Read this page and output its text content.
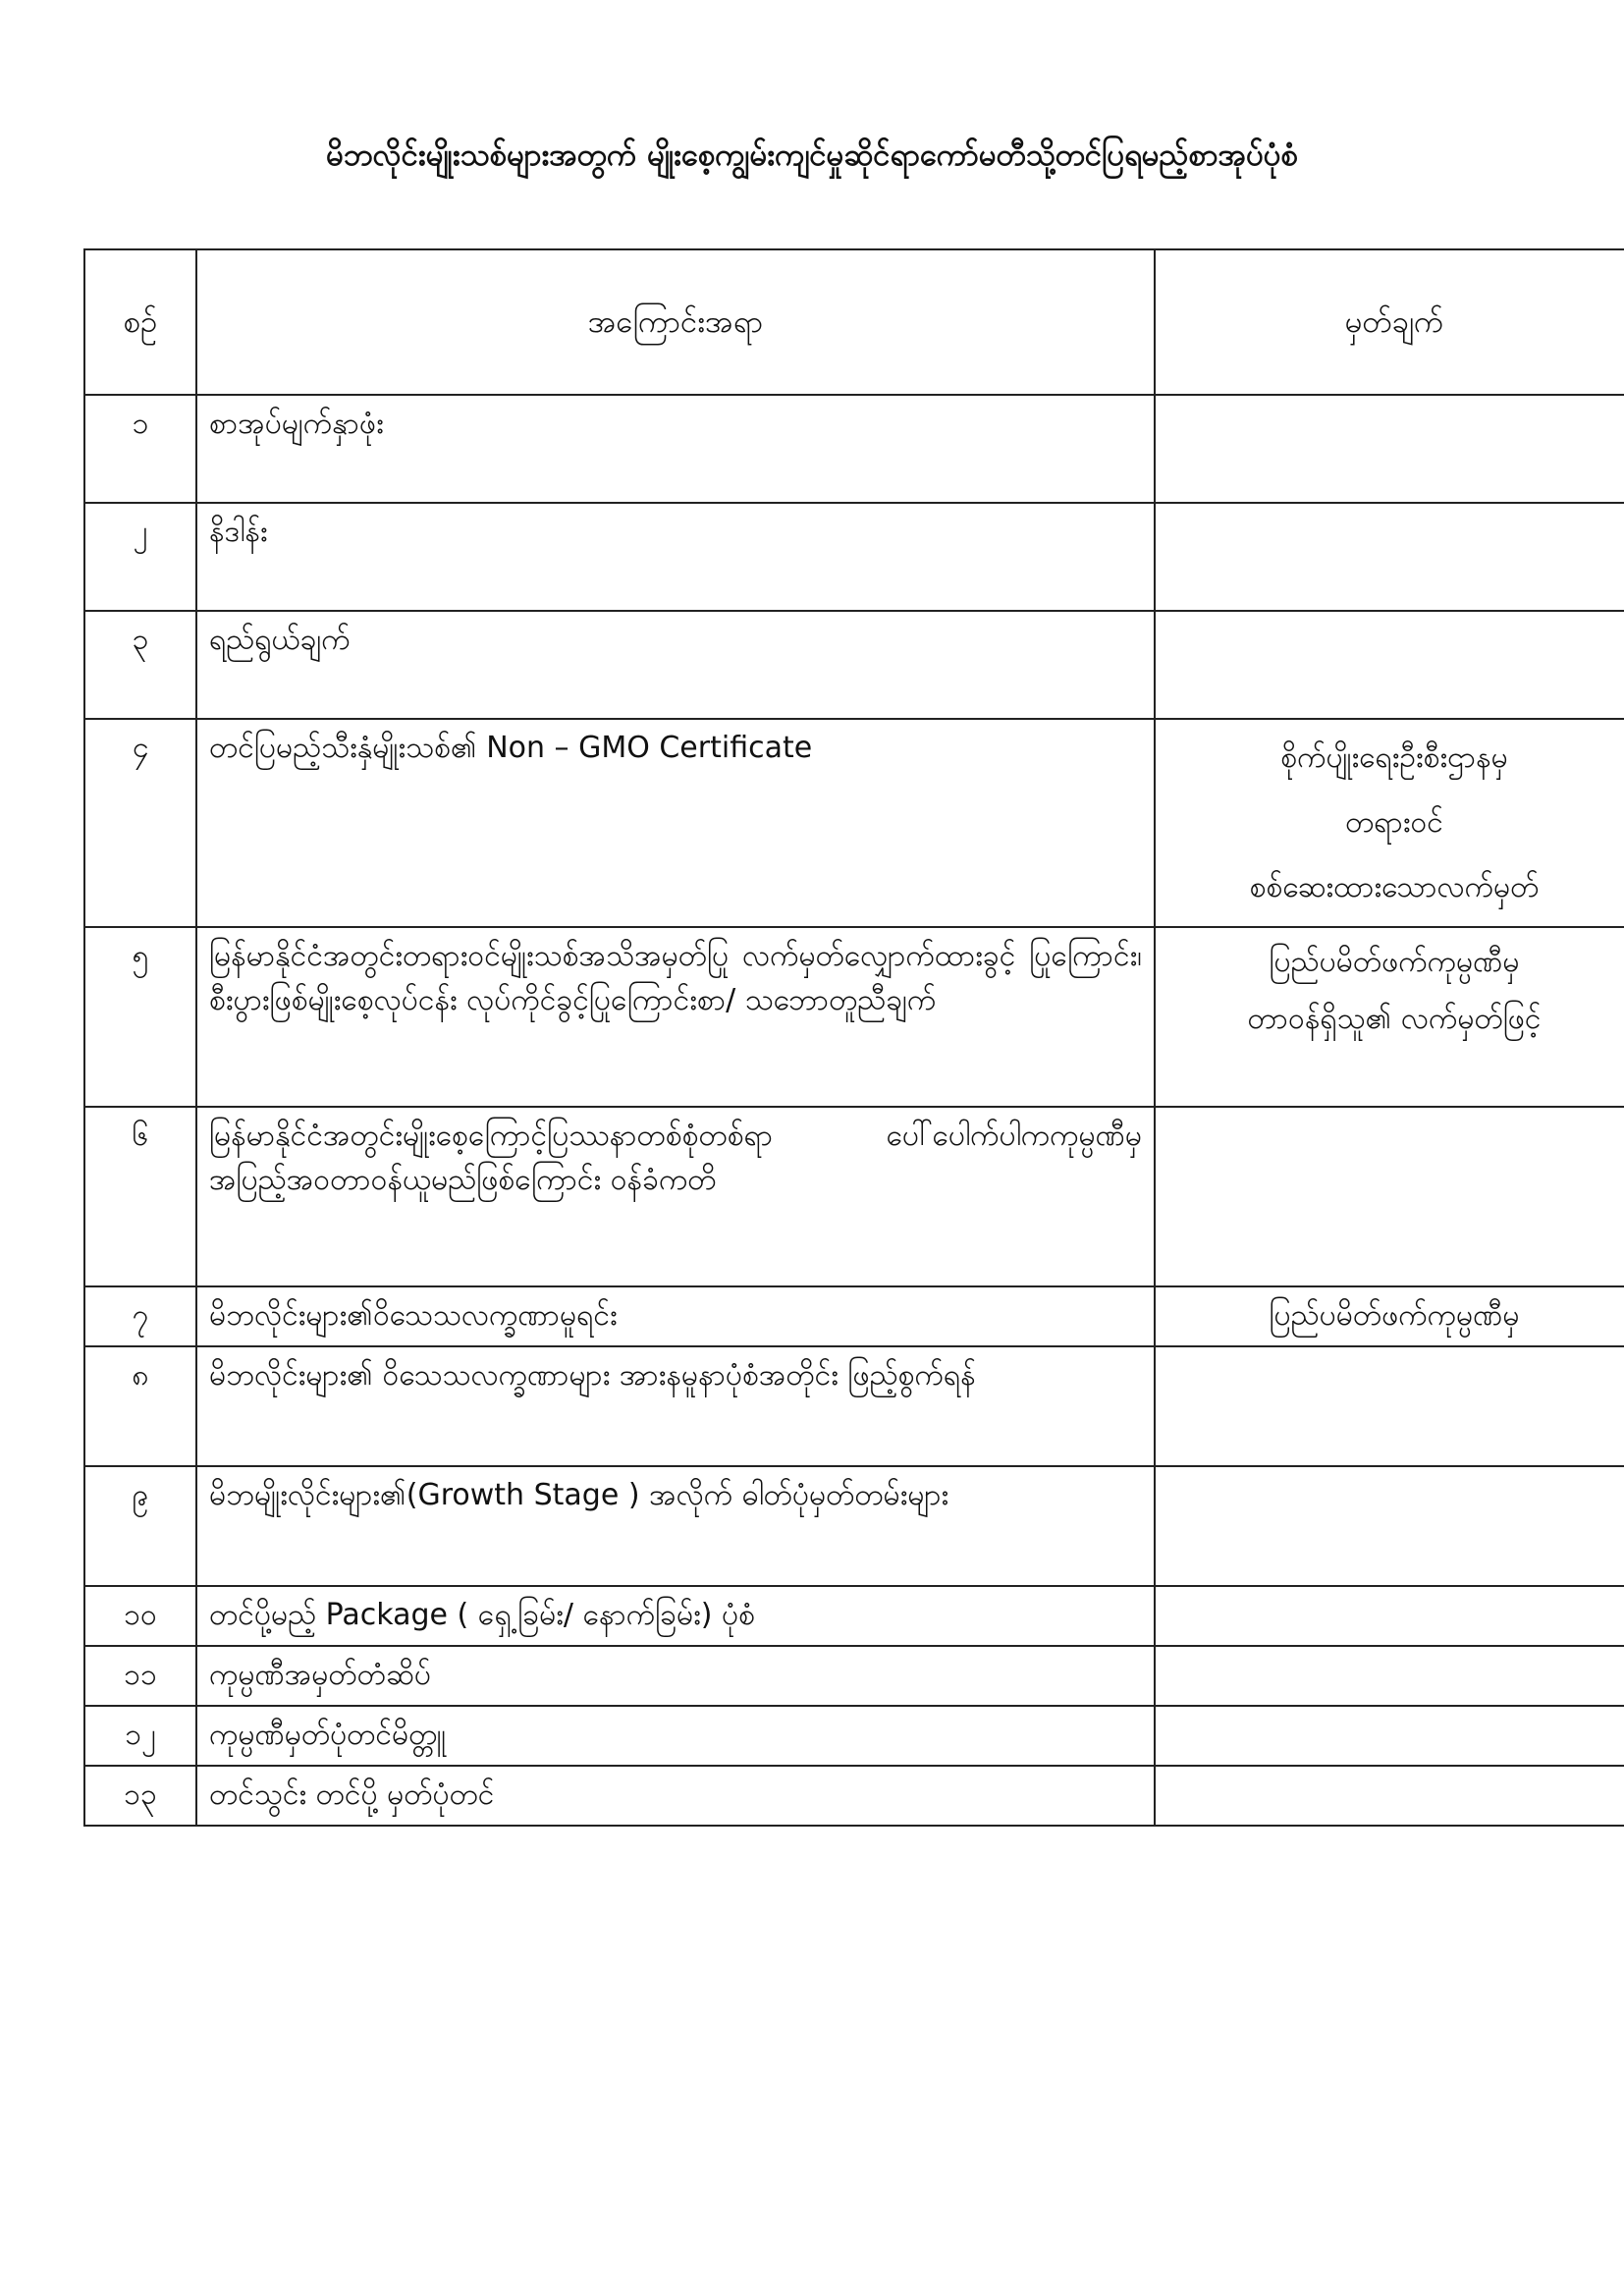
မိဘလိုင်းမျိုးသစ်များအတွက် မျိုးစေ့ကျွမ်းကျင်မှုဆိုင်ရာကော်မတီသို့တင်ပြရမည့်စာအုပ်ပုံစံ
စဉ်	အကြောင်းအရာ	မှတ်ချက်
၁	စာအုပ်မျက်နှာဖုံး	
၂	နိဒါန်း	
၃	ရည်ရွယ်ချက်	
၄	တင်ပြမည့်သီးနှံမျိုးသစ်၏ Non – GMO Certificate	စိုက်ပျိုးရေးဦးစီးဌာနမှ
တရားဝင်
စစ်ဆေးထားသောလက်မှတ်
၅	မြန်မာနိုင်ငံအတွင်းတရားဝင်မျိုးသစ်အသိအမှတ်ပြု လက်မှတ်လျှောက်ထားခွင့် ပြုကြောင်း၊ စီးပွားဖြစ်မျိုးစေ့လုပ်ငန်း လုပ်ကိုင်ခွင့်ပြုကြောင်းစာ/ သဘောတူညီချက်	ပြည်ပမိတ်ဖက်ကုမ္ပဏီမှ
တာဝန်ရှိသူ၏ လက်မှတ်ဖြင့်
၆	မြန်မာနိုင်ငံအတွင်းမျိုးစေ့ကြောင့်ပြဿနာတစ်စုံတစ်ရာ ပေါ်ပေါက်ပါကကုမ္ပဏီမှအပြည့်အဝတာဝန်ယူမည်ဖြစ်ကြောင်း ဝန်ခံကတိ	
၇	မိဘလိုင်းများ၏ဝိသေသလက္ခဏာမူရင်း	ပြည်ပမိတ်ဖက်ကုမ္ပဏီမှ
၈	မိဘလိုင်းများ၏ ဝိသေသလက္ခဏာများ အားနမူနာပုံစံအတိုင်း ဖြည့်စွက်ရန်	
၉	မိဘမျိုးလိုင်းများ၏(Growth Stage ) အလိုက် ဓါတ်ပုံမှတ်တမ်းများ	
၁၀	တင်ပို့မည့် Package ( ရှေ့ခြမ်း/ နောက်ခြမ်း) ပုံစံ	
၁၁	ကုမ္ပဏီအမှတ်တံဆိပ်	
၁၂	ကုမ္ပဏီမှတ်ပုံတင်မိတ္တူ	
၁၃	တင်သွင်း တင်ပို့ မှတ်ပုံတင်	
